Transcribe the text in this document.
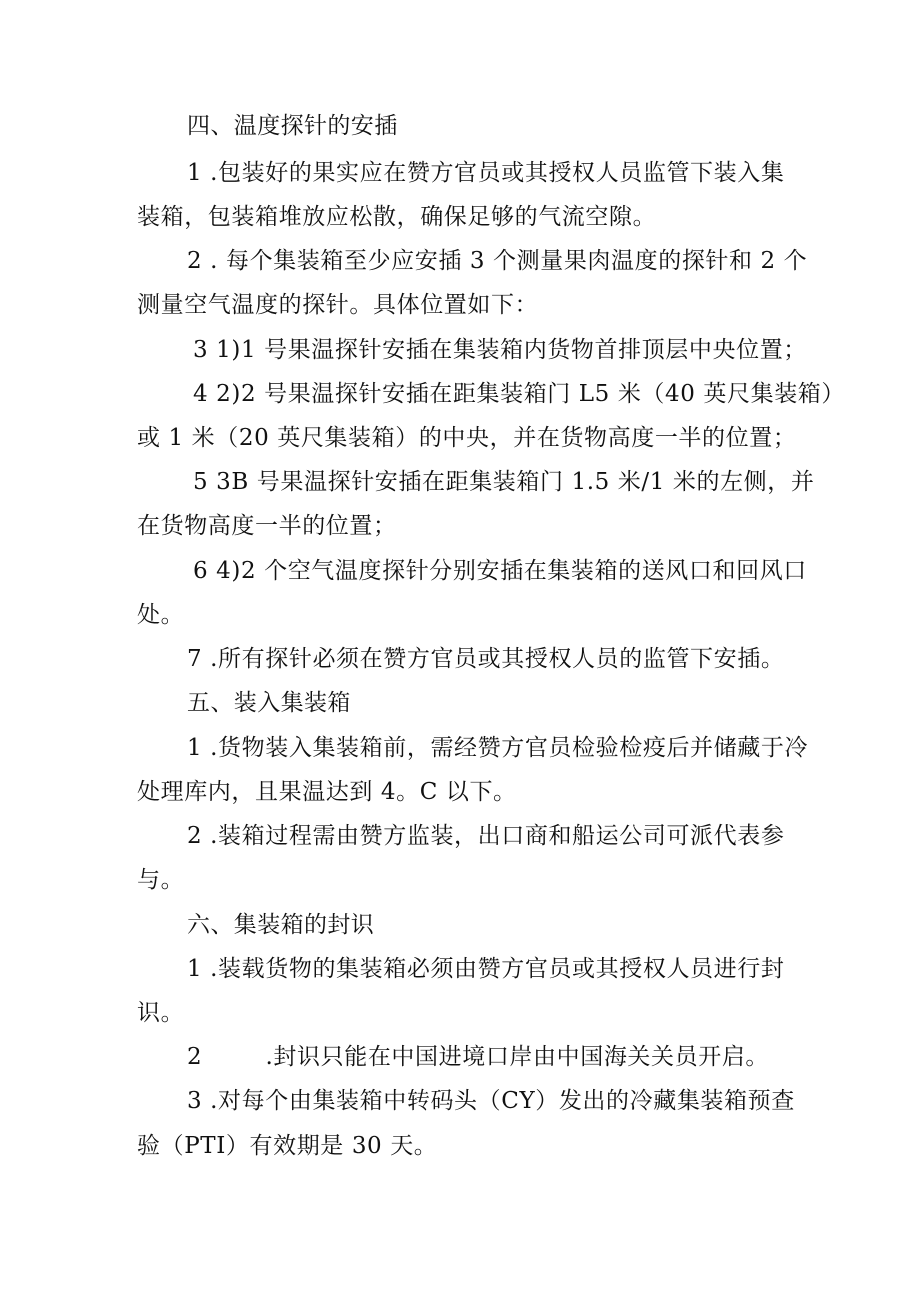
四、温度探针的安插
1 .包装好的果实应在赞方官员或其授权人员监管下装入集
装箱，包装箱堆放应松散，确保足够的气流空隙。
2 . 每个集装箱至少应安插 3 个测量果肉温度的探针和 2 个
测量空气温度的探针。具体位置如下：
3 1)1 号果温探针安插在集装箱内货物首排顶层中央位置；
4 2)2 号果温探针安插在距集装箱门 L5 米（40 英尺集装箱）
或 1 米（20 英尺集装箱）的中央，并在货物高度一半的位置；
5 3B 号果温探针安插在距集装箱门 1.5 米/1 米的左侧，并
在货物高度一半的位置；
6 4)2 个空气温度探针分别安插在集装箱的送风口和回风口
处。
7 .所有探针必须在赞方官员或其授权人员的监管下安插。
五、装入集装箱
1 .货物装入集装箱前，需经赞方官员检验检疫后并储藏于冷
处理库内，且果温达到 4。C 以下。
2 .装箱过程需由赞方监装，出口商和船运公司可派代表参
与。
六、集装箱的封识
1 .装载货物的集装箱必须由赞方官员或其授权人员进行封
识。
2        .封识只能在中国进境口岸由中国海关关员开启。
3 .对每个由集装箱中转码头（CY）发出的冷藏集装箱预查
验（PTI）有效期是 30 天。
